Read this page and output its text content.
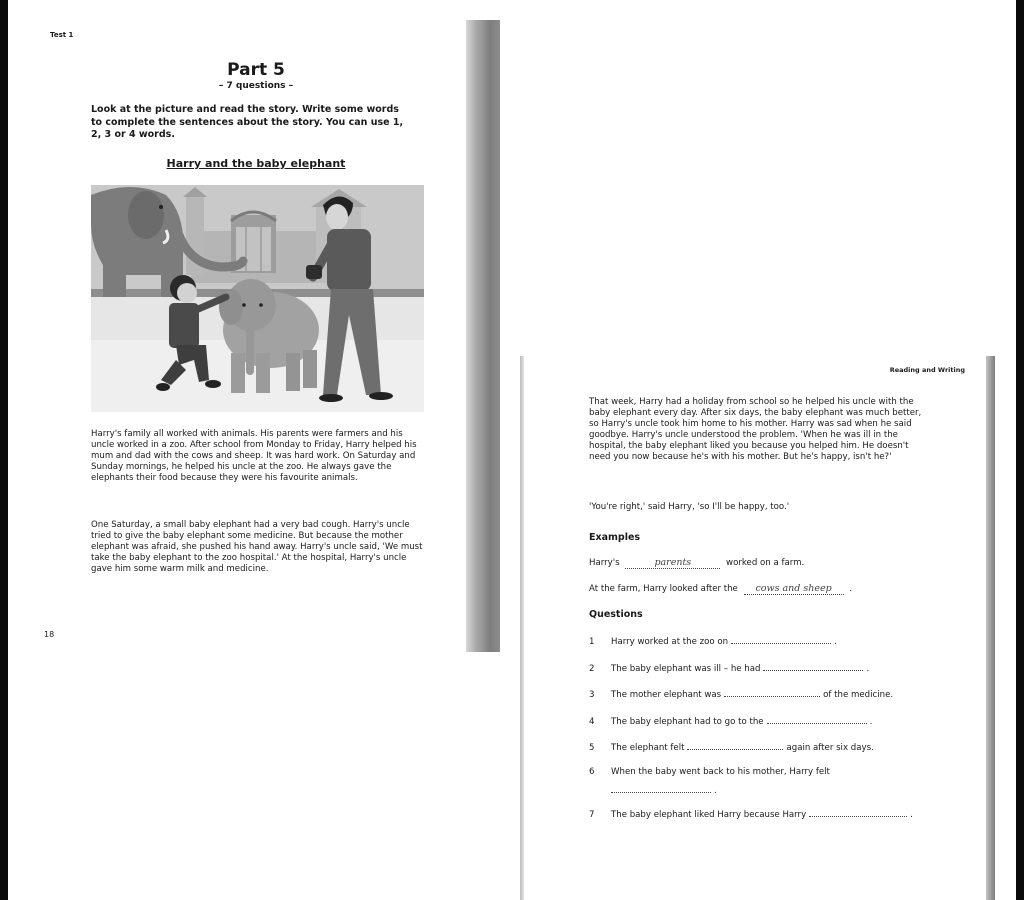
Test 1
Part 5
– 7 questions –
Look at the picture and read the story. Write some words to complete the sentences about the story. You can use 1, 2, 3 or 4 words.
Harry and the baby elephant
Harry's family all worked with animals. His parents were farmers and his uncle worked in a zoo. After school from Monday to Friday, Harry helped his mum and dad with the cows and sheep. It was hard work. On Saturday and Sunday mornings, he helped his uncle at the zoo. He always gave the elephants their food because they were his favourite animals.
One Saturday, a small baby elephant had a very bad cough. Harry's uncle tried to give the baby elephant some medicine. But because the mother elephant was afraid, she pushed his hand away. Harry's uncle said, 'We must take the baby elephant to the zoo hospital.' At the hospital, Harry's uncle gave him some warm milk and medicine.
18
Reading and Writing
That week, Harry had a holiday from school so he helped his uncle with the baby elephant every day. After six days, the baby elephant was much better, so Harry's uncle took him home to his mother. Harry was sad when he said goodbye. Harry's uncle understood the problem. 'When he was ill in the hospital, the baby elephant liked you because you helped him. He doesn't need you now because he's with his mother. But he's happy, isn't he?'
'You're right,' said Harry, 'so I'll be happy, too.'
Examples
Harry's	parents	worked on a farm.
At the farm, Harry looked after the cows and sheep .
Questions
1 Harry worked at the zoo on	.
2 The baby elephant was ill – he had	.
3 The mother elephant was	of the medicine.
4 The baby elephant had to go to the	.
5 The elephant felt	again after six days.
6 When the baby went back to his mother, Harry felt
.
7 The baby elephant liked Harry because Harry	.
